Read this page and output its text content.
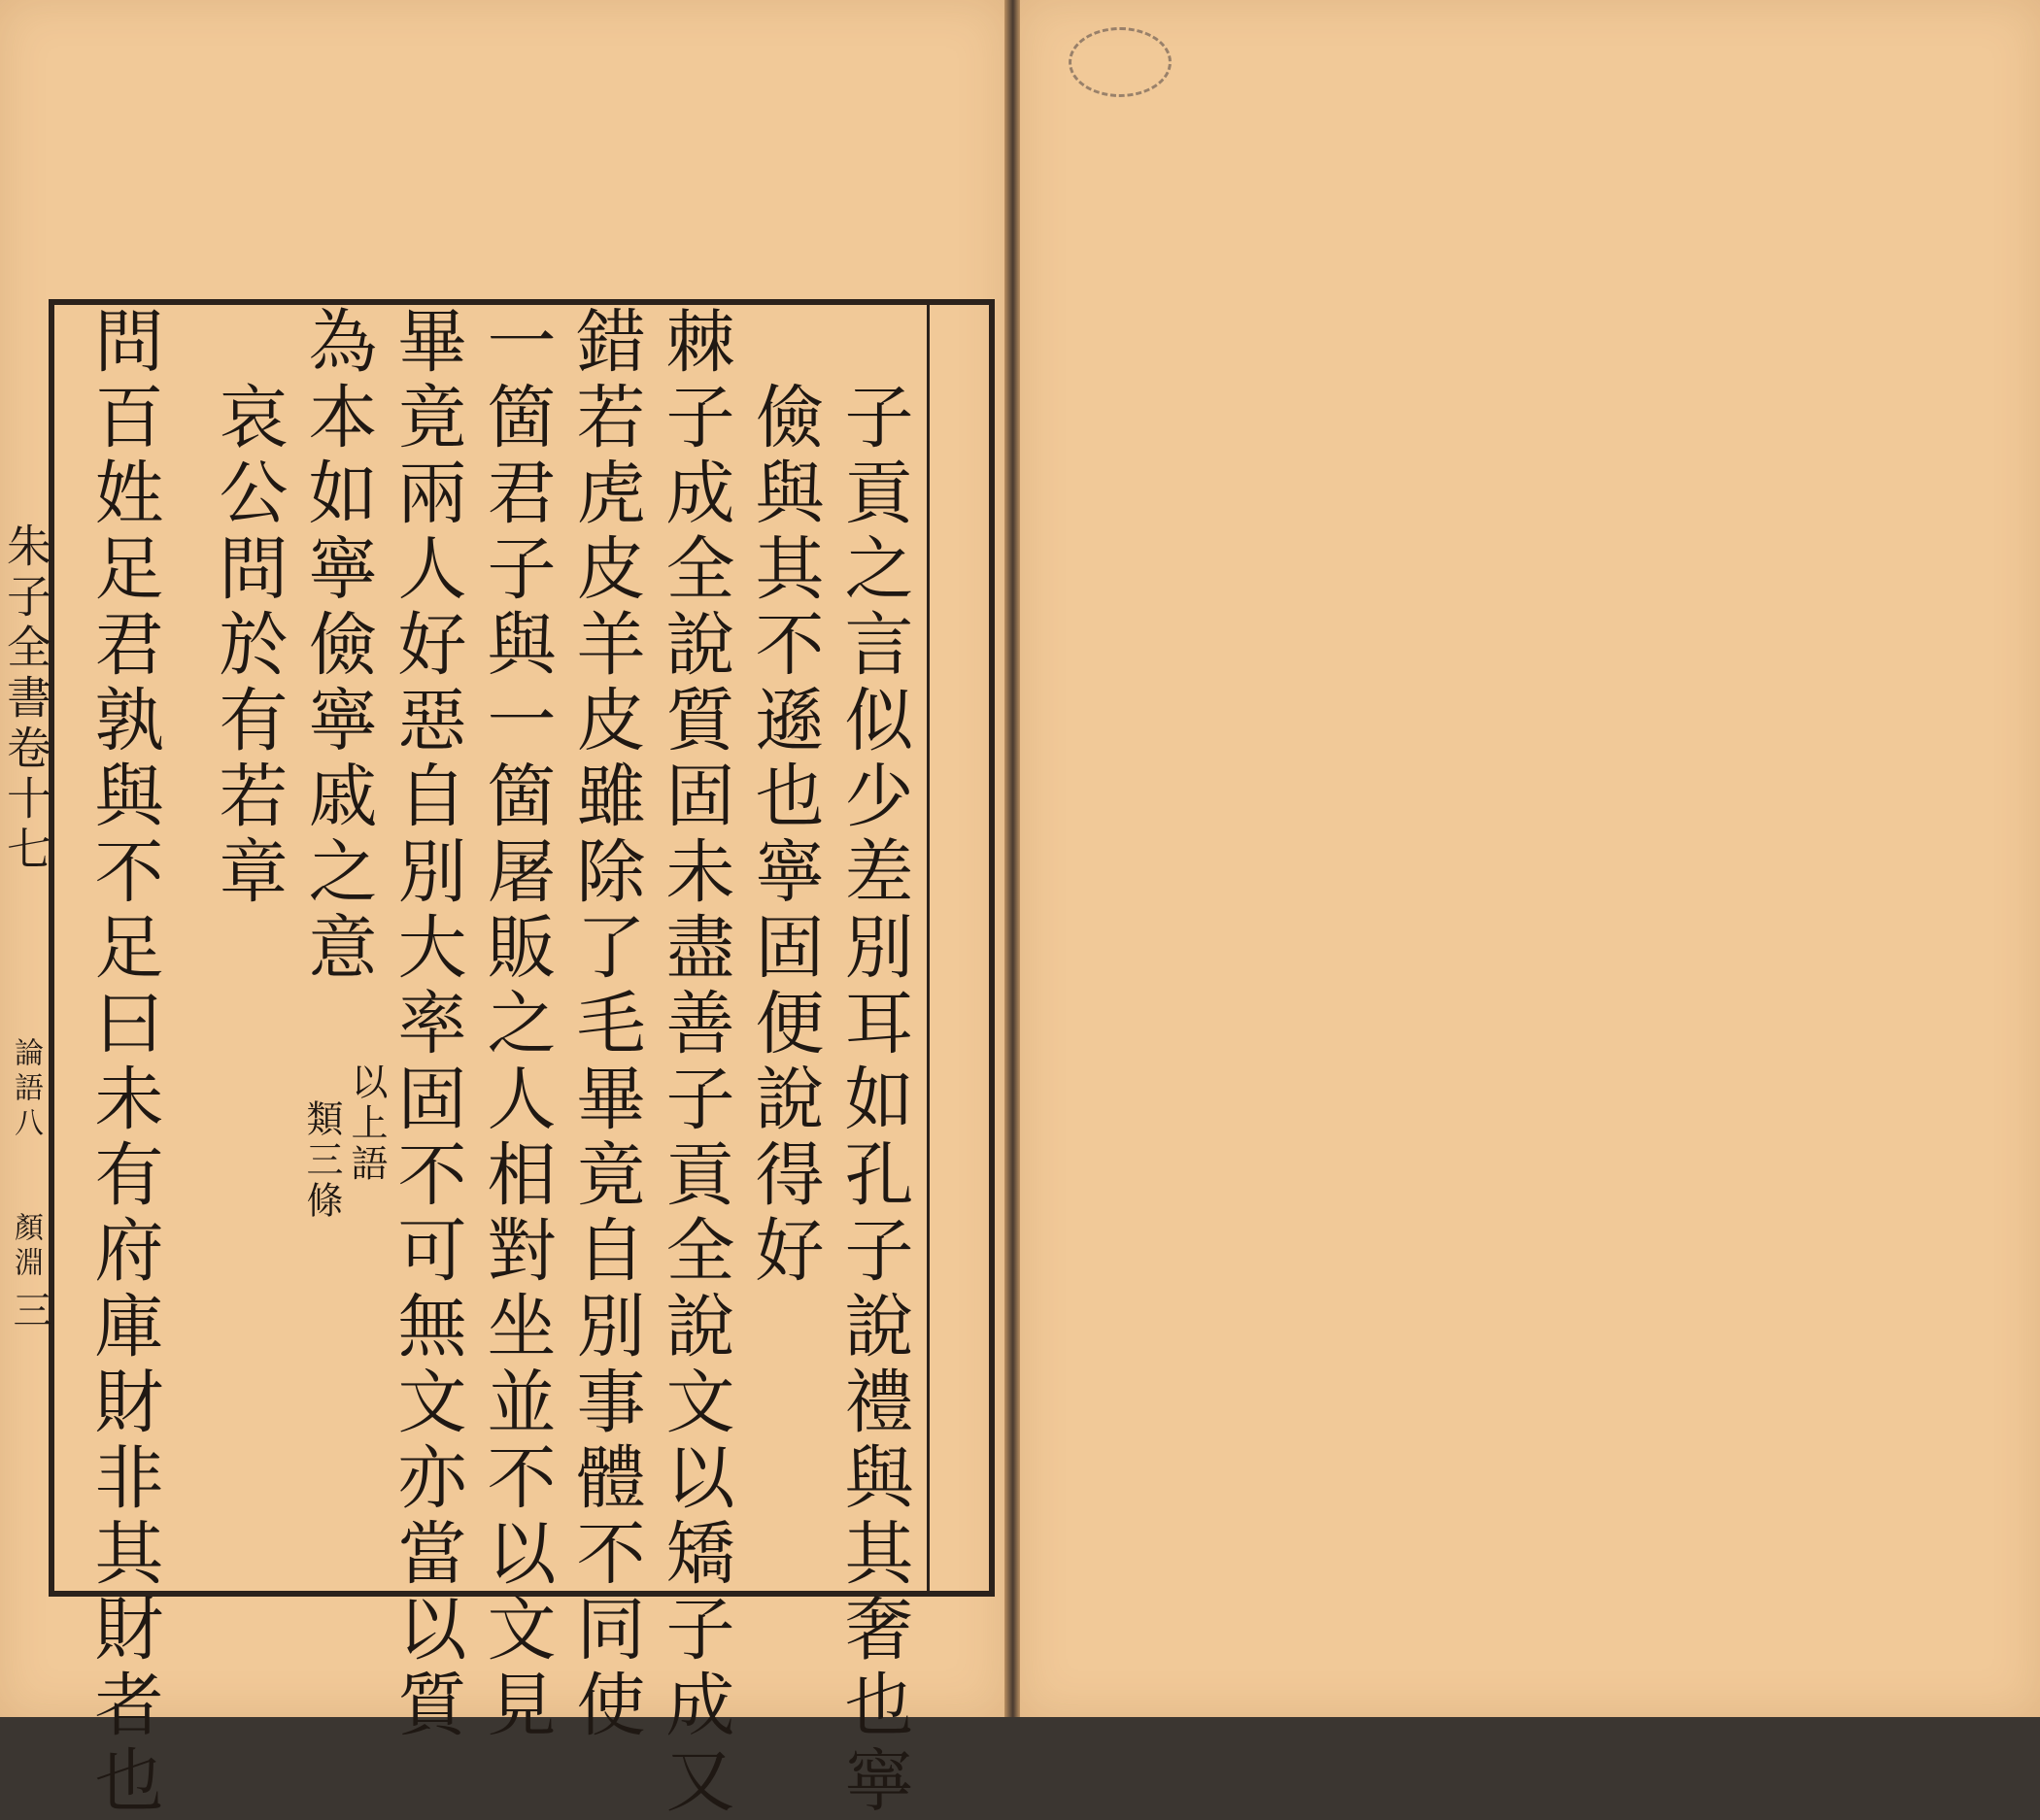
子貢之言似少差別耳如孔子說禮與其奢也寧
儉與其不遜也寧固便說得好
棘子成全說質固未盡善子貢全說文以矯子成又
錯若虎皮羊皮雖除了毛畢竟自別事體不同使
一箇君子與一箇屠販之人相對坐並不以文見
畢竟兩人好惡自別大率固不可無文亦當以質
為本如寧儉寧戚之意
以上語
類三條
哀公問於有若章
問百姓足君孰與不足曰未有府庫財非其財者也
朱子全書卷十七
論語八
顏淵
三
